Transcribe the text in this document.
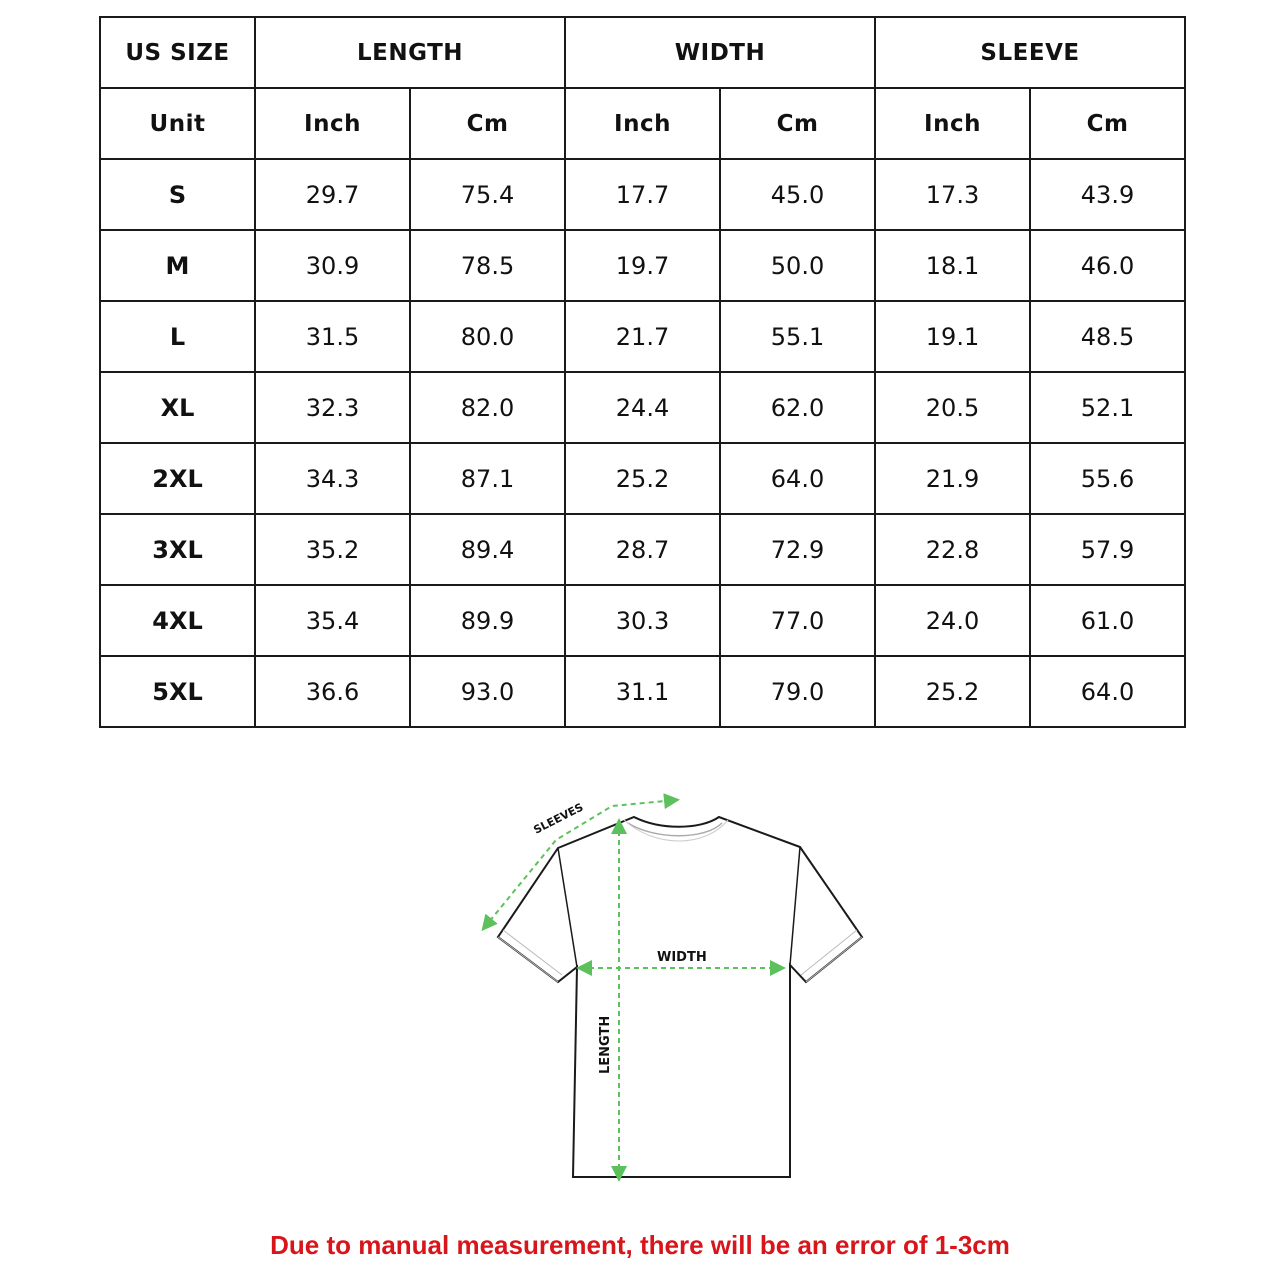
US SIZE	LENGTH		WIDTH		SLEEVE	
Unit	Inch	Cm	Inch	Cm	Inch	Cm
S	29.7	75.4	17.7	45.0	17.3	43.9
M	30.9	78.5	19.7	50.0	18.1	46.0
L	31.5	80.0	21.7	55.1	19.1	48.5
XL	32.3	82.0	24.4	62.0	20.5	52.1
2XL	34.3	87.1	25.2	64.0	21.9	55.6
3XL	35.2	89.4	28.7	72.9	22.8	57.9
4XL	35.4	89.9	30.3	77.0	24.0	61.0
5XL	36.6	93.0	31.1	79.0	25.2	64.0
SLEEVES
WIDTH
LENGTH
Due to manual measurement, there will be an error of 1-3cm
